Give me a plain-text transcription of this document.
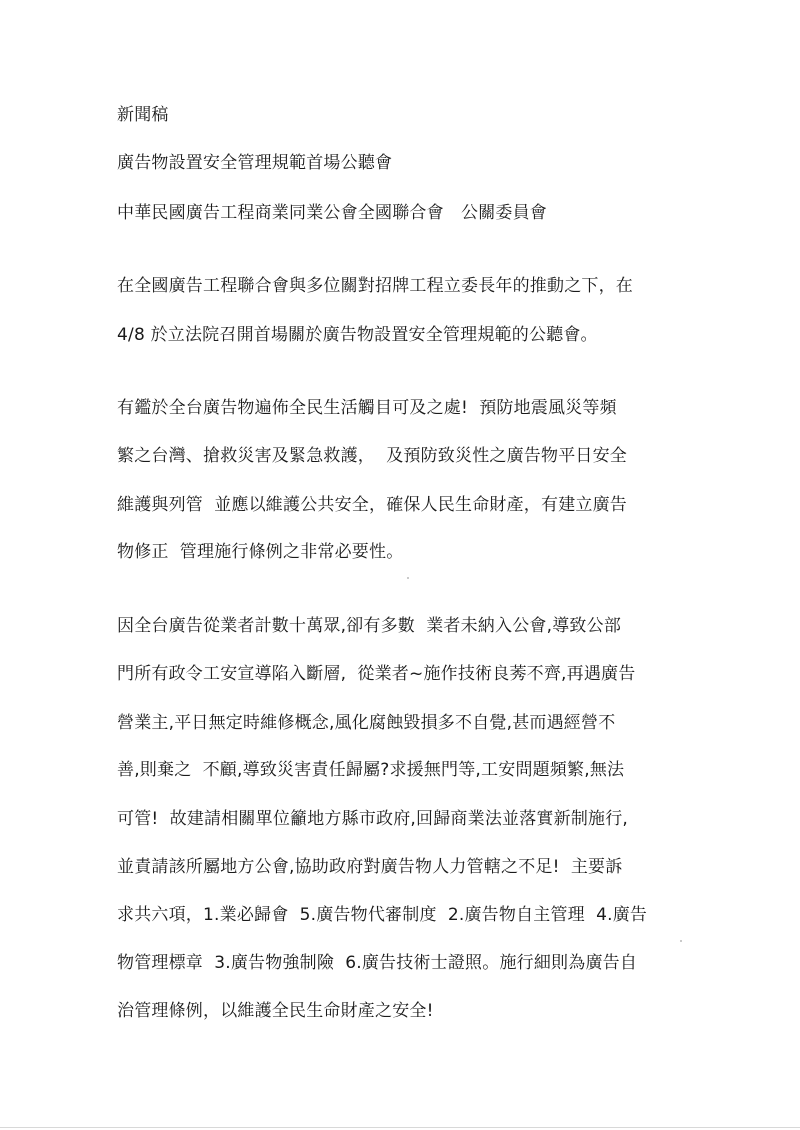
新聞稿
廣告物設置安全管理規範首場公聽會
中華民國廣告工程商業同業公會全國聯合會　公關委員會
在全國廣告工程聯合會與多位關對招牌工程立委長年的推動之下，在
4/8 於立法院召開首場關於廣告物設置安全管理規範的公聽會。
有鑑於全台廣告物遍佈全民生活觸目可及之處!  預防地震風災等頻
繁之台灣、搶救災害及緊急救護，  及預防致災性之廣告物平日安全
維護與列管  並應以維護公共安全，確保人民生命財產，有建立廣告
物修正  管理施行條例之非常必要性。
因全台廣告從業者計數十萬眾,卻有多數  業者未納入公會,導致公部
門所有政令工安宣導陷入斷層,  從業者~施作技術良莠不齊,再遇廣告
營業主,平日無定時維修概念,風化腐蝕毀損多不自覺,甚而遇經營不
善,則棄之  不顧,導致災害責任歸屬?求援無門等,工安問題頻繁,無法
可管!  故建請相關單位籲地方縣市政府,回歸商業法並落實新制施行,
並責請該所屬地方公會,協助政府對廣告物人力管轄之不足!  主要訴
求共六項，1.業必歸會  5.廣告物代審制度  2.廣告物自主管理  4.廣告
物管理標章  3.廣告物強制險  6.廣告技術士證照。施行細則為廣告自
治管理條例，以維護全民生命財產之安全!
